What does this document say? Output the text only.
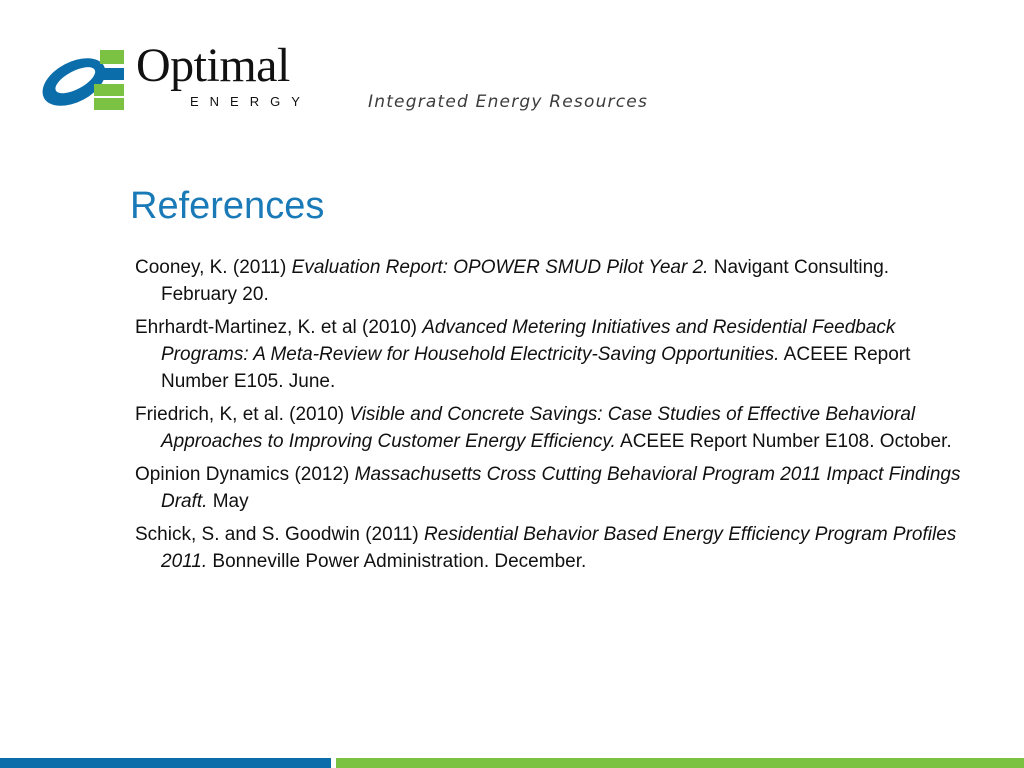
Optimal
ENERGY	Integrated Energy Resources
References
Cooney, K. (2011) Evaluation Report: OPOWER SMUD Pilot Year 2. Navigant Consulting. February 20.
Ehrhardt-Martinez, K. et al (2010) Advanced Metering Initiatives and Residential Feedback Programs: A Meta-Review for Household Electricity-Saving Opportunities. ACEEE Report Number E105. June.
Friedrich, K, et al. (2010) Visible and Concrete Savings: Case Studies of Effective Behavioral Approaches to Improving Customer Energy Efficiency. ACEEE Report Number E108. October.
Opinion Dynamics (2012) Massachusetts Cross Cutting Behavioral Program 2011 Impact Findings Draft. May
Schick, S. and S. Goodwin (2011) Residential Behavior Based Energy Efficiency Program Profiles 2011. Bonneville Power Administration. December.
